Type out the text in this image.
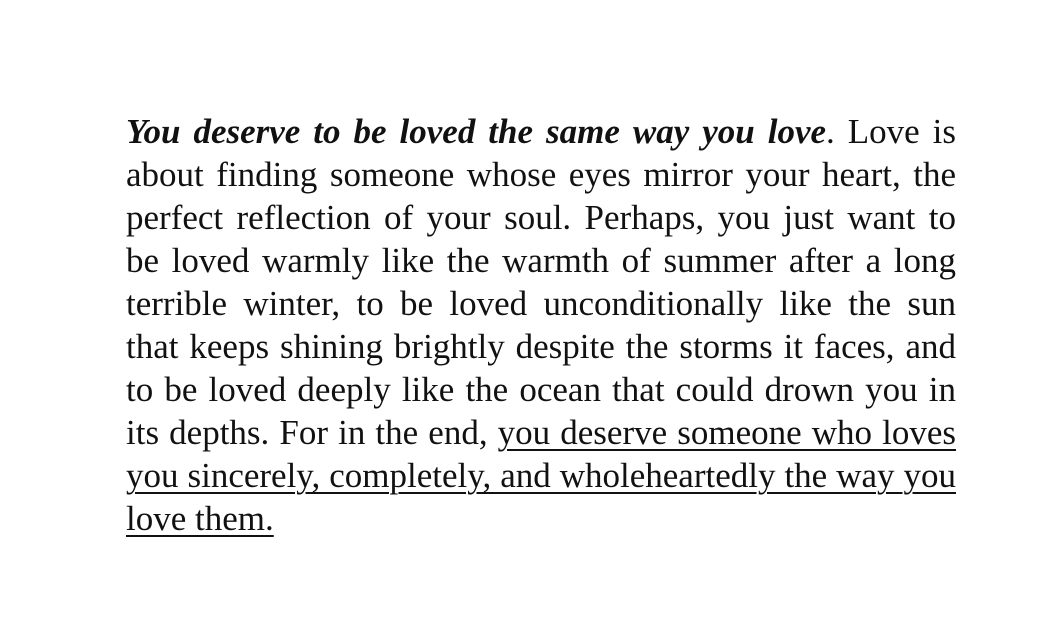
You deserve to be loved the same way you love. Love is about finding someone whose eyes mirror your heart, the perfect reflection of your soul. Perhaps, you just want to be loved warmly like the warmth of summer after a long terrible winter, to be loved unconditionally like the sun that keeps shining brightly despite the storms it faces, and to be loved deeply like the ocean that could drown you in its depths. For in the end, you deserve someone who loves you sincerely, completely, and wholeheartedly the way you love them.
